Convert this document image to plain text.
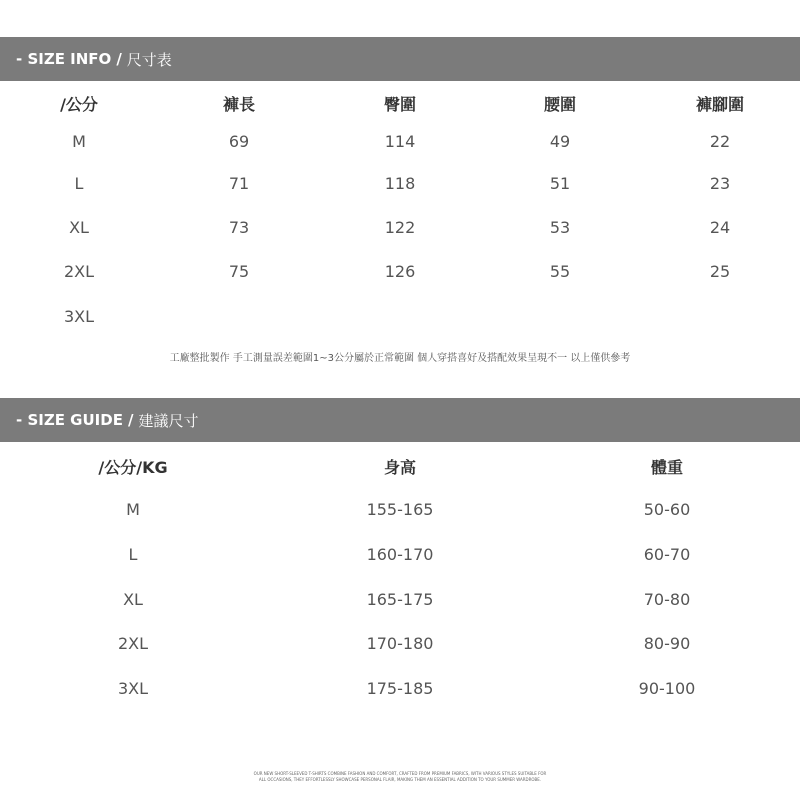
- SIZE INFO / 尺寸表
/公分	褲長	臀圍	腰圍	褲腳圍
M	69	114	49	22
L	71	118	51	23
XL	73	122	53	24
2XL	75	126	55	25
3XL
工廠整批製作 手工測量誤差範圍1~3公分屬於正常範圍 個人穿搭喜好及搭配效果呈現不一 以上僅供參考
- SIZE GUIDE / 建議尺寸
/公分/KG	身高	體重
M	155-165	50-60
L	160-170	60-70
XL	165-175	70-80
2XL	170-180	80-90
3XL	175-185	90-100
OUR NEW SHORT-SLEEVED T-SHIRTS COMBINE FASHION AND COMFORT, CRAFTED FROM PREMIUM FABRICS, WITH VARIOUS STYLES SUITABLE FOR
ALL OCCASIONS, THEY EFFORTLESSLY SHOWCASE PERSONAL FLAIR, MAKING THEM AN ESSENTIAL ADDITION TO YOUR SUMMER WARDROBE.
